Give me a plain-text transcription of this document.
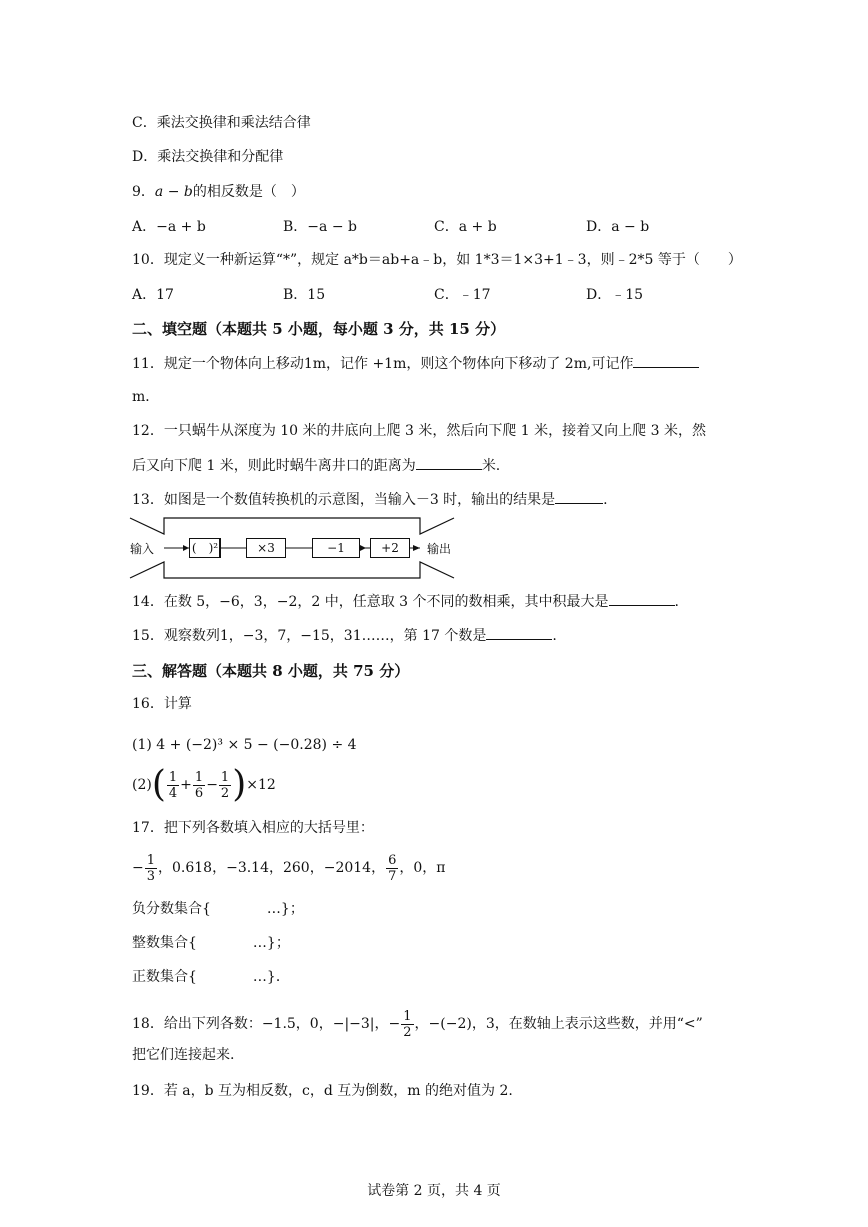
C．乘法交换律和乘法结合律
D．乘法交换律和分配律
9．a − b的相反数是（　）
A．−a + b	B．−a − b	C．a + b	D．a − b
10．现定义一种新运算“*”，规定 a*b＝ab+a﹣b，如 1*3＝1×3+1﹣3，则﹣2*5 等于（　　）
A．17	B．15	C．﹣17	D．﹣15
二、填空题（本题共 5 小题，每小题 3 分，共 15 分）
11．规定一个物体向上移动1m，记作 +1m，则这个物体向下移动了 2m,可记作
m．
12．一只蜗牛从深度为 10 米的井底向上爬 3 米，然后向下爬 1 米，接着又向上爬 3 米，然
后又向下爬 1 米，则此时蜗牛离井口的距离为	米.
13．如图是一个数值转换机的示意图，当输入－3 时，输出的结果是	.
输入	输出
(　)²	×3	−1	+2
14．在数 5，−6，3，−2，2 中，任意取 3 个不同的数相乘，其中积最大是	.
15．观察数列1，−3，7，−15，31……，第 17 个数是	.
三、解答题（本题共 8 小题，共 75 分）
16．计算
(1) 4 + (−2)³ × 5 − (−0.28) ÷ 4
$(2)( \frac{1}{4} + \frac{1}{6} - \frac{1}{2} )\times 12$
17．把下列各数填入相应的大括号里：
− $\frac{1}{3}$ ，0.618，−3.14，260，−2014， $\frac{6}{7}$ ，0，π
负分数集合{　　　　…}；
整数集合{　　　　…}；
正数集合{　　　　…}．
18．给出下列各数：−1.5，0，−|−3|，− $\frac{1}{2}$ ，−(−2)，3，在数轴上表示这些数，并用“<”
把它们连接起来.
19．若 a，b 互为相反数，c，d 互为倒数，m 的绝对值为 2.
试卷第 2 页，共 4 页
